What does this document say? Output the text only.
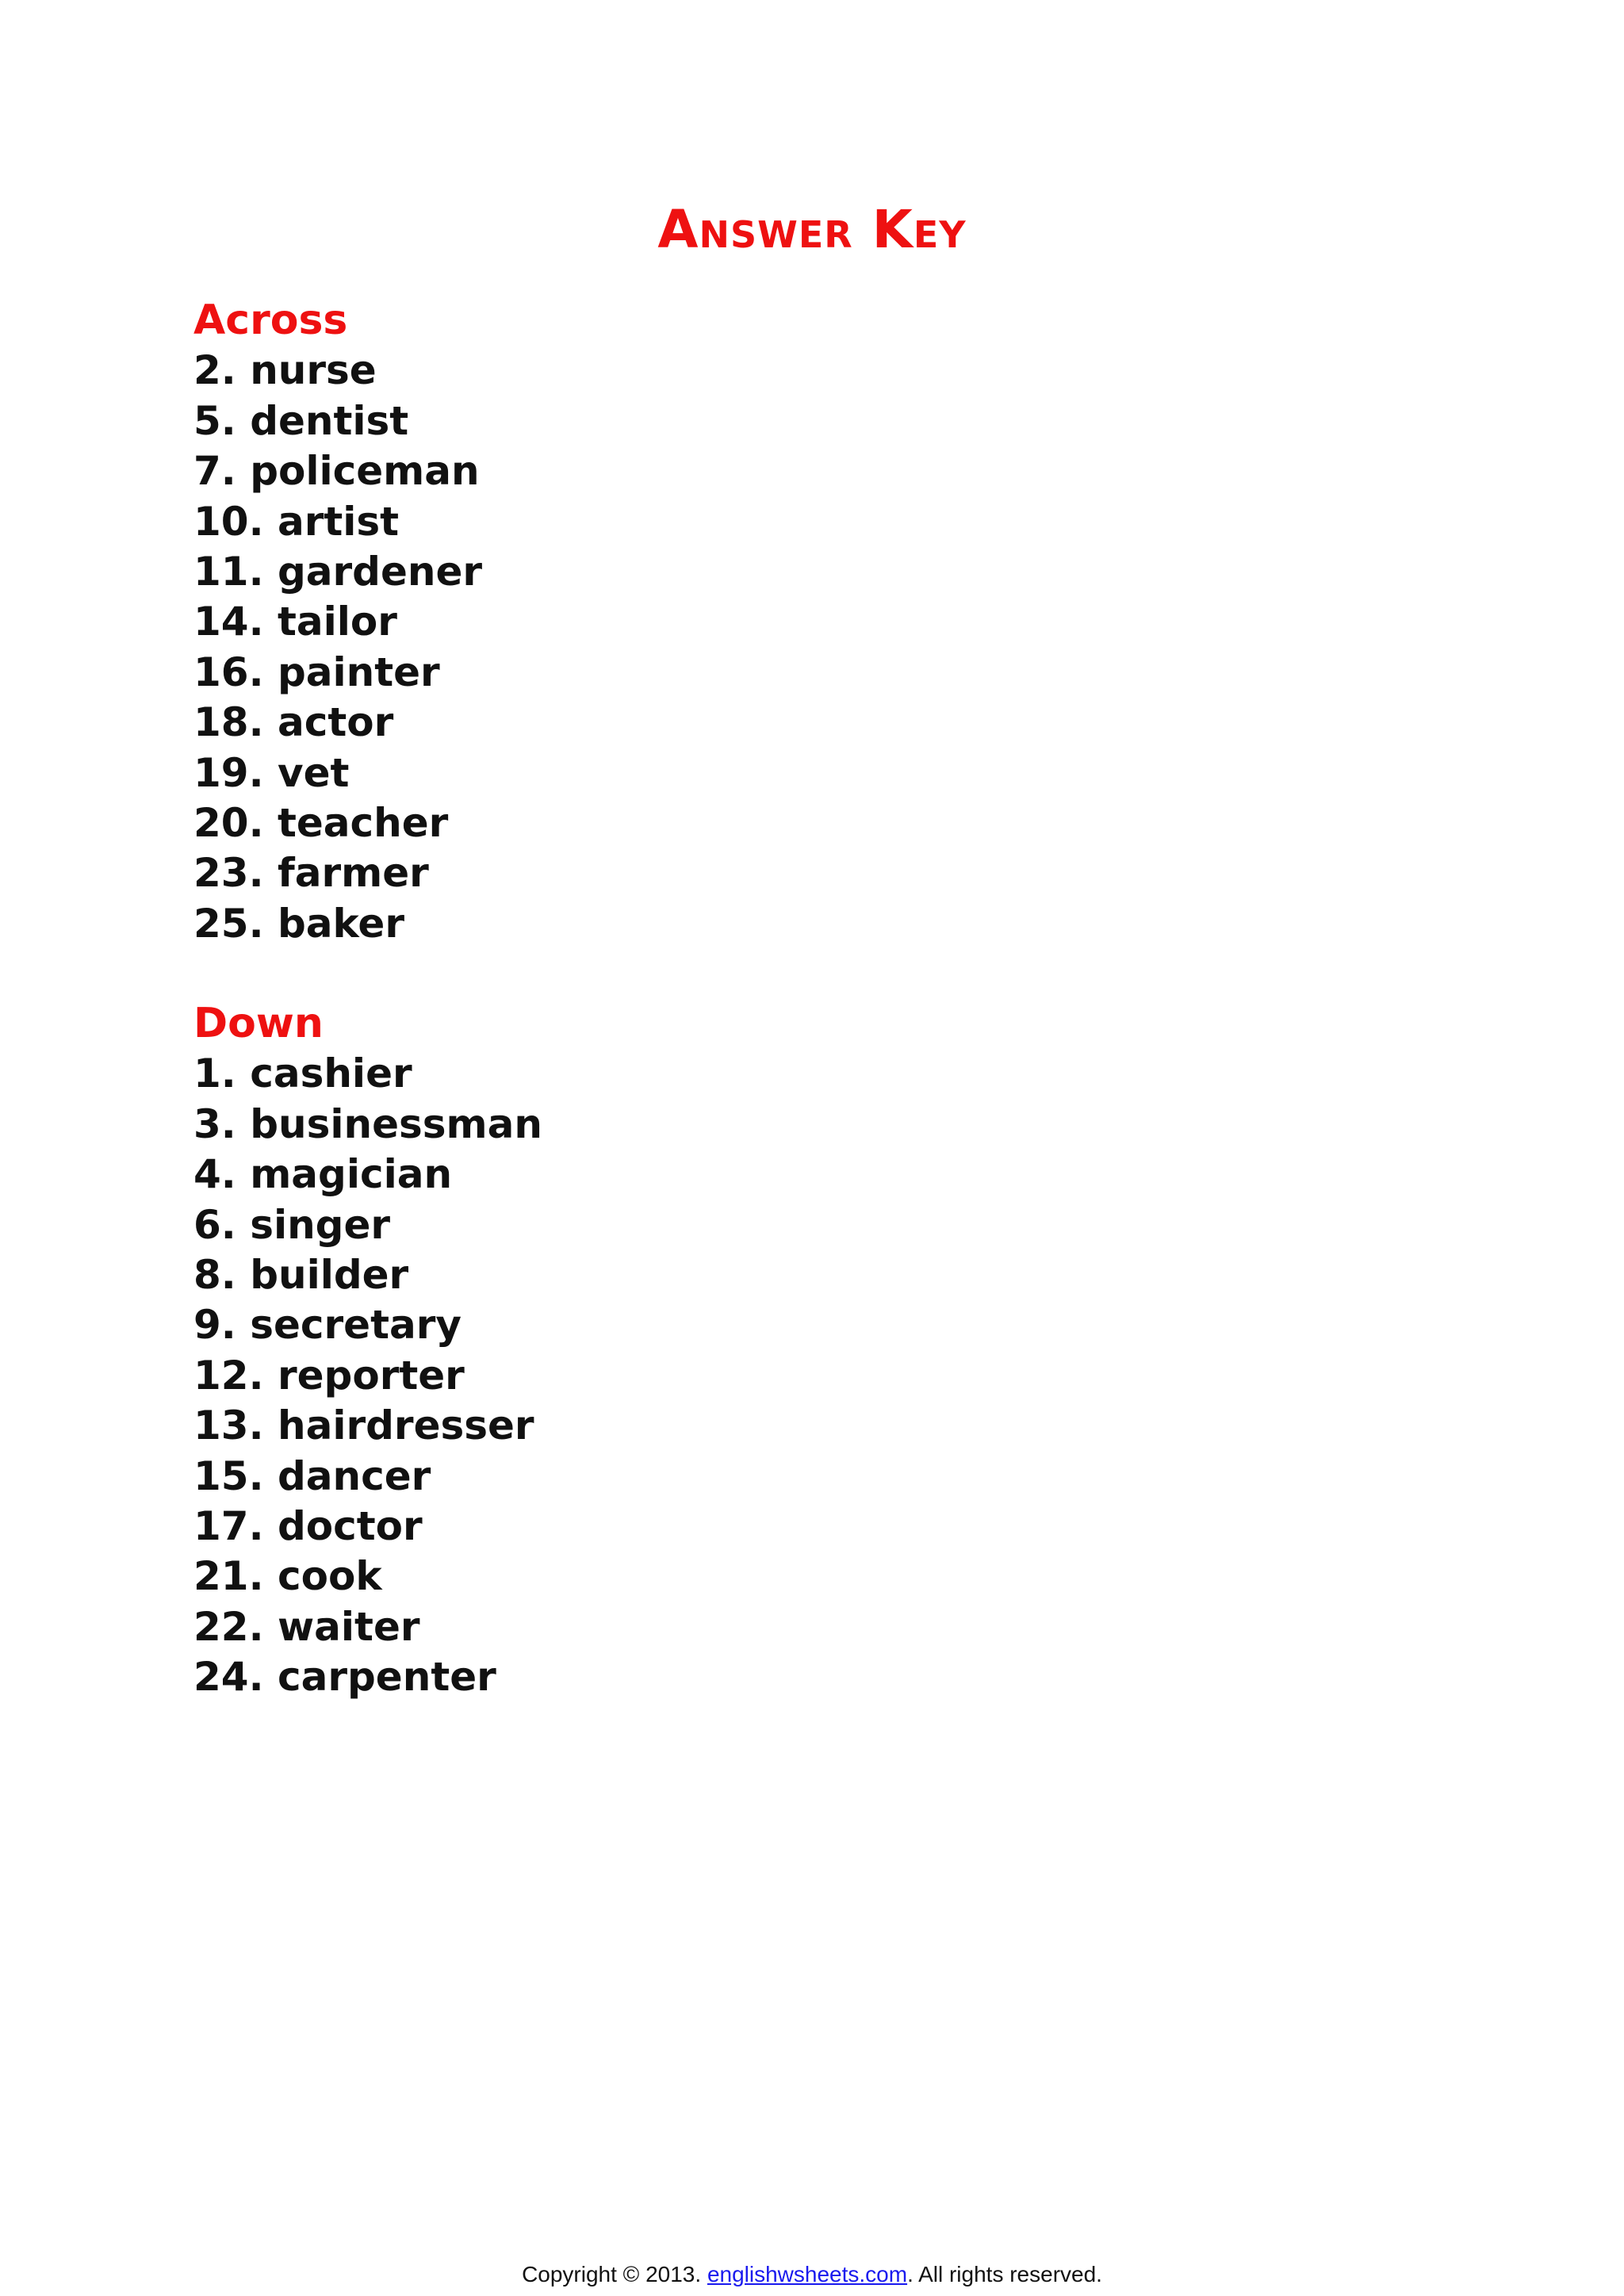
Answer Key
Across
2. nurse
5. dentist
7. policeman
10. artist
11. gardener
14. tailor
16. painter
18. actor
19. vet
20. teacher
23. farmer
25. baker
Down
1. cashier
3. businessman
4. magician
6. singer
8. builder
9. secretary
12. reporter
13. hairdresser
15. dancer
17. doctor
21. cook
22. waiter
24. carpenter
Copyright © 2013. englishwsheets.com. All rights reserved.
